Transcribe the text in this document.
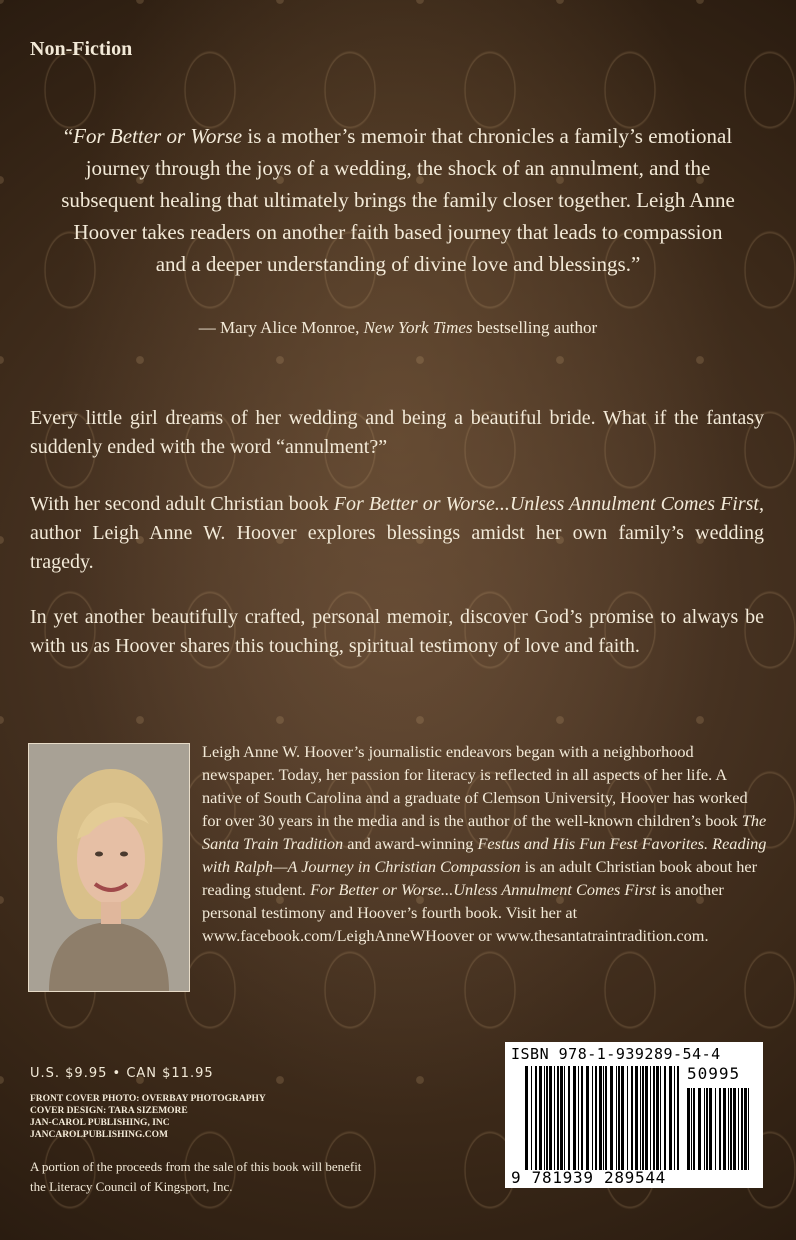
Non-Fiction
“For Better or Worse is a mother’s memoir that chronicles a family’s emotional journey through the joys of a wedding, the shock of an annulment, and the subsequent healing that ultimately brings the family closer together. Leigh Anne Hoover takes readers on another faith based journey that leads to compassion and a deeper understanding of divine love and blessings.”
— Mary Alice Monroe, New York Times bestselling author
Every little girl dreams of her wedding and being a beautiful bride. What if the fantasy suddenly ended with the word “annulment?”
With her second adult Christian book For Better or Worse...Unless Annulment Comes First, author Leigh Anne W. Hoover explores blessings amidst her own family’s wedding tragedy.
In yet another beautifully crafted, personal memoir, discover God’s promise to always be with us as Hoover shares this touching, spiritual testimony of love and faith.
Leigh Anne W. Hoover’s journalistic endeavors began with a neighborhood newspaper. Today, her passion for literacy is reflected in all aspects of her life. A native of South Carolina and a graduate of Clemson University, Hoover has worked for over 30 years in the media and is the author of the well-known children’s book The Santa Train Tradition and award-winning Festus and His Fun Fest Favorites. Reading with Ralph—A Journey in Christian Compassion is an adult Christian book about her reading student. For Better or Worse...Unless Annulment Comes First is another personal testimony and Hoover’s fourth book. Visit her at www.facebook.com/LeighAnneWHoover or www.thesantatraintradition.com.
U.S. $9.95 • CAN $11.95
FRONT COVER PHOTO: OVERBAY PHOTOGRAPHY
COVER DESIGN: TARA SIZEMORE
JAN-CAROL PUBLISHING, INC
JANCAROLPUBLISHING.COM
A portion of the proceeds from the sale of this book will benefit the Literacy Council of Kingsport, Inc.
ISBN 978-1-939289-54-4
50995
9 781939 289544
